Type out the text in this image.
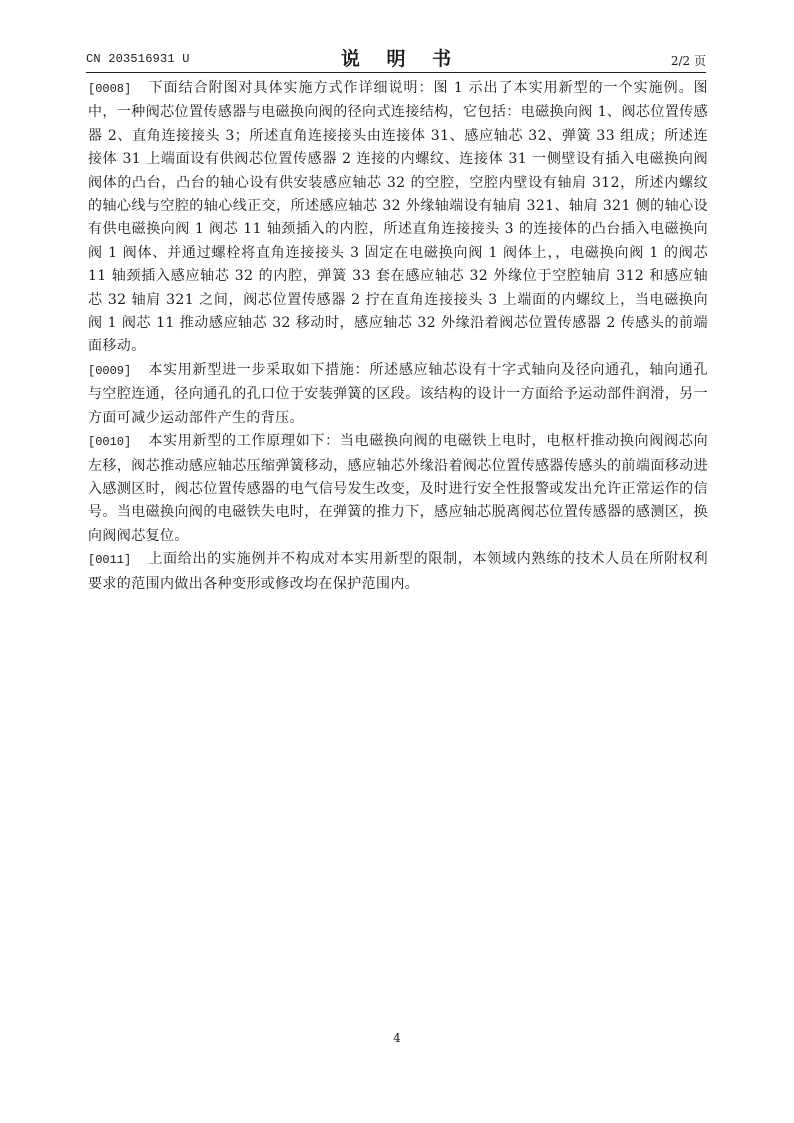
CN 203516931 U	说 明 书	2/2 页

[0008] 下面结合附图对具体实施方式作详细说明：图 1 示出了本实用新型的一个实施例。图中，一种阀芯位置传感器与电磁换向阀的径向式连接结构，它包括：电磁换向阀 1、阀芯位置传感器 2、直角连接接头 3；所述直角连接接头由连接体 31、感应轴芯 32、弹簧 33 组成；所述连接体 31 上端面设有供阀芯位置传感器 2 连接的内螺纹、连接体 31 一侧壁设有插入电磁换向阀阀体的凸台，凸台的轴心设有供安装感应轴芯 32 的空腔，空腔内壁设有轴肩 312，所述内螺纹的轴心线与空腔的轴心线正交，所述感应轴芯 32 外缘轴端设有轴肩 321、轴肩 321 侧的轴心设有供电磁换向阀 1 阀芯 11 轴颈插入的内腔，所述直角连接接头 3 的连接体的凸台插入电磁换向阀 1 阀体、并通过螺栓将直角连接接头 3 固定在电磁换向阀 1 阀体上，，电磁换向阀 1 的阀芯 11 轴颈插入感应轴芯 32 的内腔，弹簧 33 套在感应轴芯 32 外缘位于空腔轴肩 312 和感应轴芯 32 轴肩 321 之间，阀芯位置传感器 2 拧在直角连接接头 3 上端面的内螺纹上，当电磁换向阀 1 阀芯 11 推动感应轴芯 32 移动时，感应轴芯 32 外缘沿着阀芯位置传感器 2 传感头的前端面移动。

[0009] 本实用新型进一步采取如下措施：所述感应轴芯设有十字式轴向及径向通孔，轴向通孔与空腔连通，径向通孔的孔口位于安装弹簧的区段。该结构的设计一方面给予运动部件润滑，另一方面可减少运动部件产生的背压。

[0010] 本实用新型的工作原理如下：当电磁换向阀的电磁铁上电时，电枢杆推动换向阀阀芯向左移，阀芯推动感应轴芯压缩弹簧移动，感应轴芯外缘沿着阀芯位置传感器传感头的前端面移动进入感测区时，阀芯位置传感器的电气信号发生改变，及时进行安全性报警或发出允许正常运作的信号。当电磁换向阀的电磁铁失电时，在弹簧的推力下，感应轴芯脱离阀芯位置传感器的感测区，换向阀阀芯复位。

[0011] 上面给出的实施例并不构成对本实用新型的限制，本领域内熟练的技术人员在所附权利要求的范围内做出各种变形或修改均在保护范围内。

4
